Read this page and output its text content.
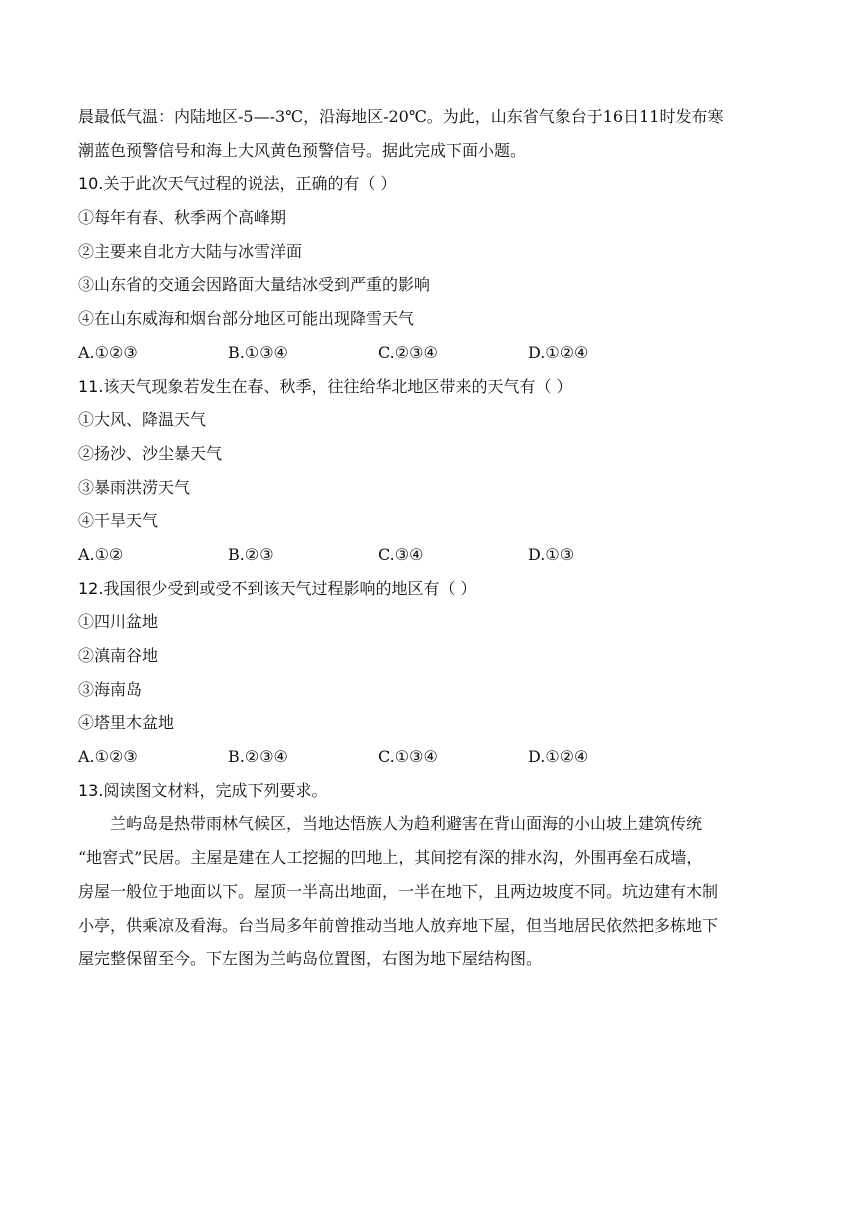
晨最低气温：内陆地区-5—-3℃，沿海地区-20℃。为此，山东省气象台于16日11时发布寒
潮蓝色预警信号和海上大风黄色预警信号。据此完成下面小题。
10.关于此次天气过程的说法，正确的有（ ）
①每年有春、秋季两个高峰期
②主要来自北方大陆与冰雪洋面
③山东省的交通会因路面大量结冰受到严重的影响
④在山东威海和烟台部分地区可能出现降雪天气
A.①②③	B.①③④	C.②③④	D.①②④
11.该天气现象若发生在春、秋季，往往给华北地区带来的天气有（ ）
①大风、降温天气
②扬沙、沙尘暴天气
③暴雨洪涝天气
④干旱天气
A.①②	B.②③	C.③④	D.①③
12.我国很少受到或受不到该天气过程影响的地区有（ ）
①四川盆地
②滇南谷地
③海南岛
④塔里木盆地
A.①②③	B.②③④	C.①③④	D.①②④
13.阅读图文材料，完成下列要求。
兰屿岛是热带雨林气候区，当地达悟族人为趋利避害在背山面海的小山坡上建筑传统
“地窖式”民居。主屋是建在人工挖掘的凹地上，其间挖有深的排水沟，外围再垒石成墙，
房屋一般位于地面以下。屋顶一半高出地面，一半在地下，且两边坡度不同。坑边建有木制
小亭，供乘凉及看海。台当局多年前曾推动当地人放弃地下屋，但当地居民依然把多栋地下
屋完整保留至今。下左图为兰屿岛位置图，右图为地下屋结构图。
